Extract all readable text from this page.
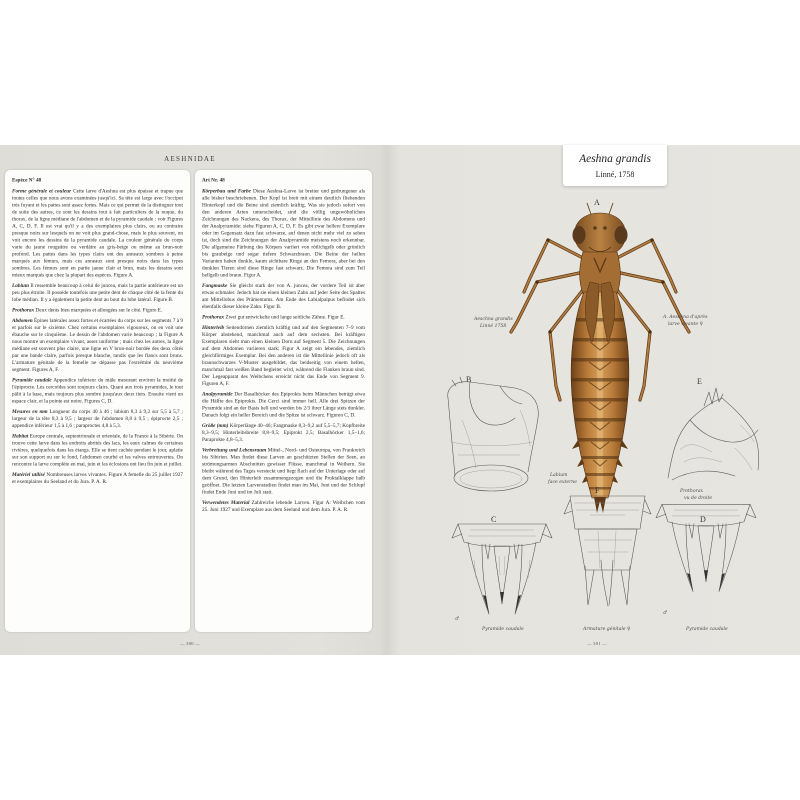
AESHNIDAE

Espèce N° 48

Forme générale et couleur Cette larve d'Aeshna est plus épaisse et trapue que toutes celles que nous avons examinées jusqu'ici. Sa tête est large avec l'occiput très fuyant et les pattes sont assez fortes. Mais ce qui permet de la distinguer tout de suite des autres, ce sont les dessins tout à fait particuliers de la nuque, du thorax, de la ligne médiane de l'abdomen et de la pyramide caudale : voir Figures A, C, D, F. Il est vrai qu'il y a des exemplaires plus clairs, ou au contraire presque noirs sur lesquels on ne voit plus grand-chose, mais le plus souvent, on voit encore les dessins de la pyramide caudale. La couleur générale du corps varie du jaune rougeâtre ou verdâtre au gris-beige ou même au brun-noir profond. Les pattes dans les types clairs ont des anneaux sombres à peine marqués aux fémurs, mais ces anneaux sont presque noirs dans les types sombres. Les fémurs sont en partie jaune clair et brun, mais les dessins sont mieux marqués que chez la plupart des espèces. Figure A.

Labium Il ressemble beaucoup à celui de juncea, mais la partie antérieure est un peu plus étroite. Il possède toutefois une petite dent de chaque côté de la fente du lobe médian. Il y a également la petite dent au bout du lobe latéral. Figure B.

Prothorax Deux dents bien marquées et allongées sur le côté. Figure E.

Abdomen Épines latérales assez fortes et écartées du corps sur les segments 7 à 9 et parfois sur le sixième. Chez certains exemplaires vigoureux, on en voit une ébauche sur le cinquième. Le dessin de l'abdomen varie beaucoup ; la Figure A nous montre un exemplaire vivant, assez uniforme ; mais chez les autres, la ligne médiane est souvent plus claire, une ligne en V brun-noir bordée des deux côtés par une bande claire, parfois presque blanche, tandis que les flancs sont bruns. L'armature génitale de la femelle ne dépasse pas l'extrémité du neuvième segment. Figures A, F.

Pyramide caudale Appendice inférieur du mâle mesurant environ la moitié de l'épiprocte. Les cercoïdes sont toujours clairs. Quant aux trois pyramides, le tout pâlit à la base, mais toujours plus sombre jusqu'aux deux tiers. Ensuite vient un espace clair, et la pointe est noire. Figures C, D.

Mesures en mm Longueur du corps 40 à 46 ; labium 8,3 à 9,2 sur 5,5 à 5,7 ; largeur de la tête 8,3 à 9,5 ; largeur de l'abdomen 8,8 à 9,5 ; épiprocte 2,5 ; appendice inférieur 1,5 à 1,6 ; paraproctes 4,8 à 5,3.

Habitat Europe centrale, septentrionale et orientale, de la France à la Sibérie. On trouve cette larve dans les endroits abrités des lacs, les eaux calmes de certaines rivières, quelquefois dans les étangs. Elle se tient cachée pendant le jour, aplatie sur son support ou sur le fond, l'abdomen courbé et les valves entrouvertes. On rencontre la larve complète en mai, juin et les éclosions ont lieu fin juin et juillet.

Matériel utilisé Nombreuses larves vivantes. Figure A femelle du 25 juillet 1927 et exemplaires du Seeland et du Jura. P. A. R.

Art Nr. 48

Körperbau und Farbe Diese Aeshna-Larve ist breiter und gedrungener als alle bisher beschriebenen. Der Kopf ist breit mit einem deutlich fliehenden Hinterkopf und die Beine sind ziemlich kräftig. Was sie jedoch sofort von den anderen Arten unterscheidet, sind die völlig ungewöhnlichen Zeichnungen des Nackens, des Thorax, der Mittellinie des Abdomens und der Analpyramide: siehe Figuren A, C, D, F. Es gibt zwar hellere Exemplare oder im Gegensatz dazu fast schwarze, auf denen nicht mehr viel zu sehen ist, doch sind die Zeichnungen der Analpyramide meistens noch erkennbar. Die allgemeine Färbung des Körpers variiert von rötlichgelb oder grünlich bis graubeige und sogar tiefem Schwarzbraun. Die Beine der hellen Varianten haben dunkle, kaum sichtbare Ringe an den Femora, aber bei den dunklen Tieren sind diese Ringe fast schwarz. Die Femora sind zum Teil hellgelb und braun. Figur A.

Fangmaske Sie gleicht stark der von A. juncea, der vordere Teil ist aber etwas schmaler. Jedoch hat sie einen kleinen Zahn auf jeder Seite des Spaltes am Mittellobus des Prämentums. Am Ende des Labialpalpus befindet sich ebenfalls dieser kleine Zahn. Figur B.

Prothorax Zwei gut entwickelte und lange seitliche Zähne. Figur E.

Hinterleib Seitendornen ziemlich kräftig und auf den Segmenten 7–9 vom Körper abstehend, manchmal auch auf dem sechsten. Bei kräftigen Exemplaren sieht man einen kleinen Dorn auf Segment 5. Die Zeichnungen auf dem Abdomen variieren stark; Figur A zeigt ein lebendes, ziemlich gleichförmiges Exemplar. Bei den anderen ist die Mittellinie jedoch oft als braunschwarzes V-Muster ausgebildet, das beidseitig von einem hellen, manchmal fast weißen Band begleitet wird, während die Flanken braun sind. Der Legeapparat des Weibchens erreicht nicht das Ende von Segment 9. Figuren A, F.

Analpyramide Der Basalhöcker des Epiprokts beim Männchen beträgt etwa die Hälfte des Epiprokts. Die Cerci sind immer hell. Alle drei Spitzen der Pyramide sind an der Basis hell und werden bis 2/3 ihrer Länge stets dunkler. Danach folgt ein heller Bereich und die Spitze ist schwarz. Figuren C, D.

Größe (mm) Körperlänge 40–46; Fangmaske 8,3–9,2 auf 5,5–5,7; Kopfbreite 8,3–9,5; Hinterleibsbreite 8,8–9,5; Epiprokt 2,5; Basalhöcker 1,5–1,6; Paraprokte 4,8–5,3.

Verbreitung und Lebensraum Mittel-, Nord- und Osteuropa, von Frankreich bis Sibirien. Man findet diese Larven an geschützten Stellen der Seen, an strömungsarmen Abschnitten gewisser Flüsse, manchmal in Weihern. Sie bleibt während des Tages versteckt und liegt flach auf der Unterlage oder auf dem Grund, den Hinterleib zusammengezogen und die Proktalklappe halb geöffnet. Die letzten Larvenstadien findet man im Mai, Juni und der Schlupf findet Ende Juni und im Juli statt.

Verwendetes Material Zahlreiche lebende Larven. Figur A: Weibchen vom 25. Juni 1927 und Exemplare aus dem Seeland und dem Jura. P. A. R.

Aeshna grandis
Linné, 1758
A
Aeschna grandis
Linné 1758
A. Aeschna d'après
larve vivante ♀
B
Labium
face externe
E
Prothorax
vu de droite
C
♂
Pyramide caudale
F
Armature génitale ♀
D
♂
Pyramide caudale
— 300 —	— 301 —
